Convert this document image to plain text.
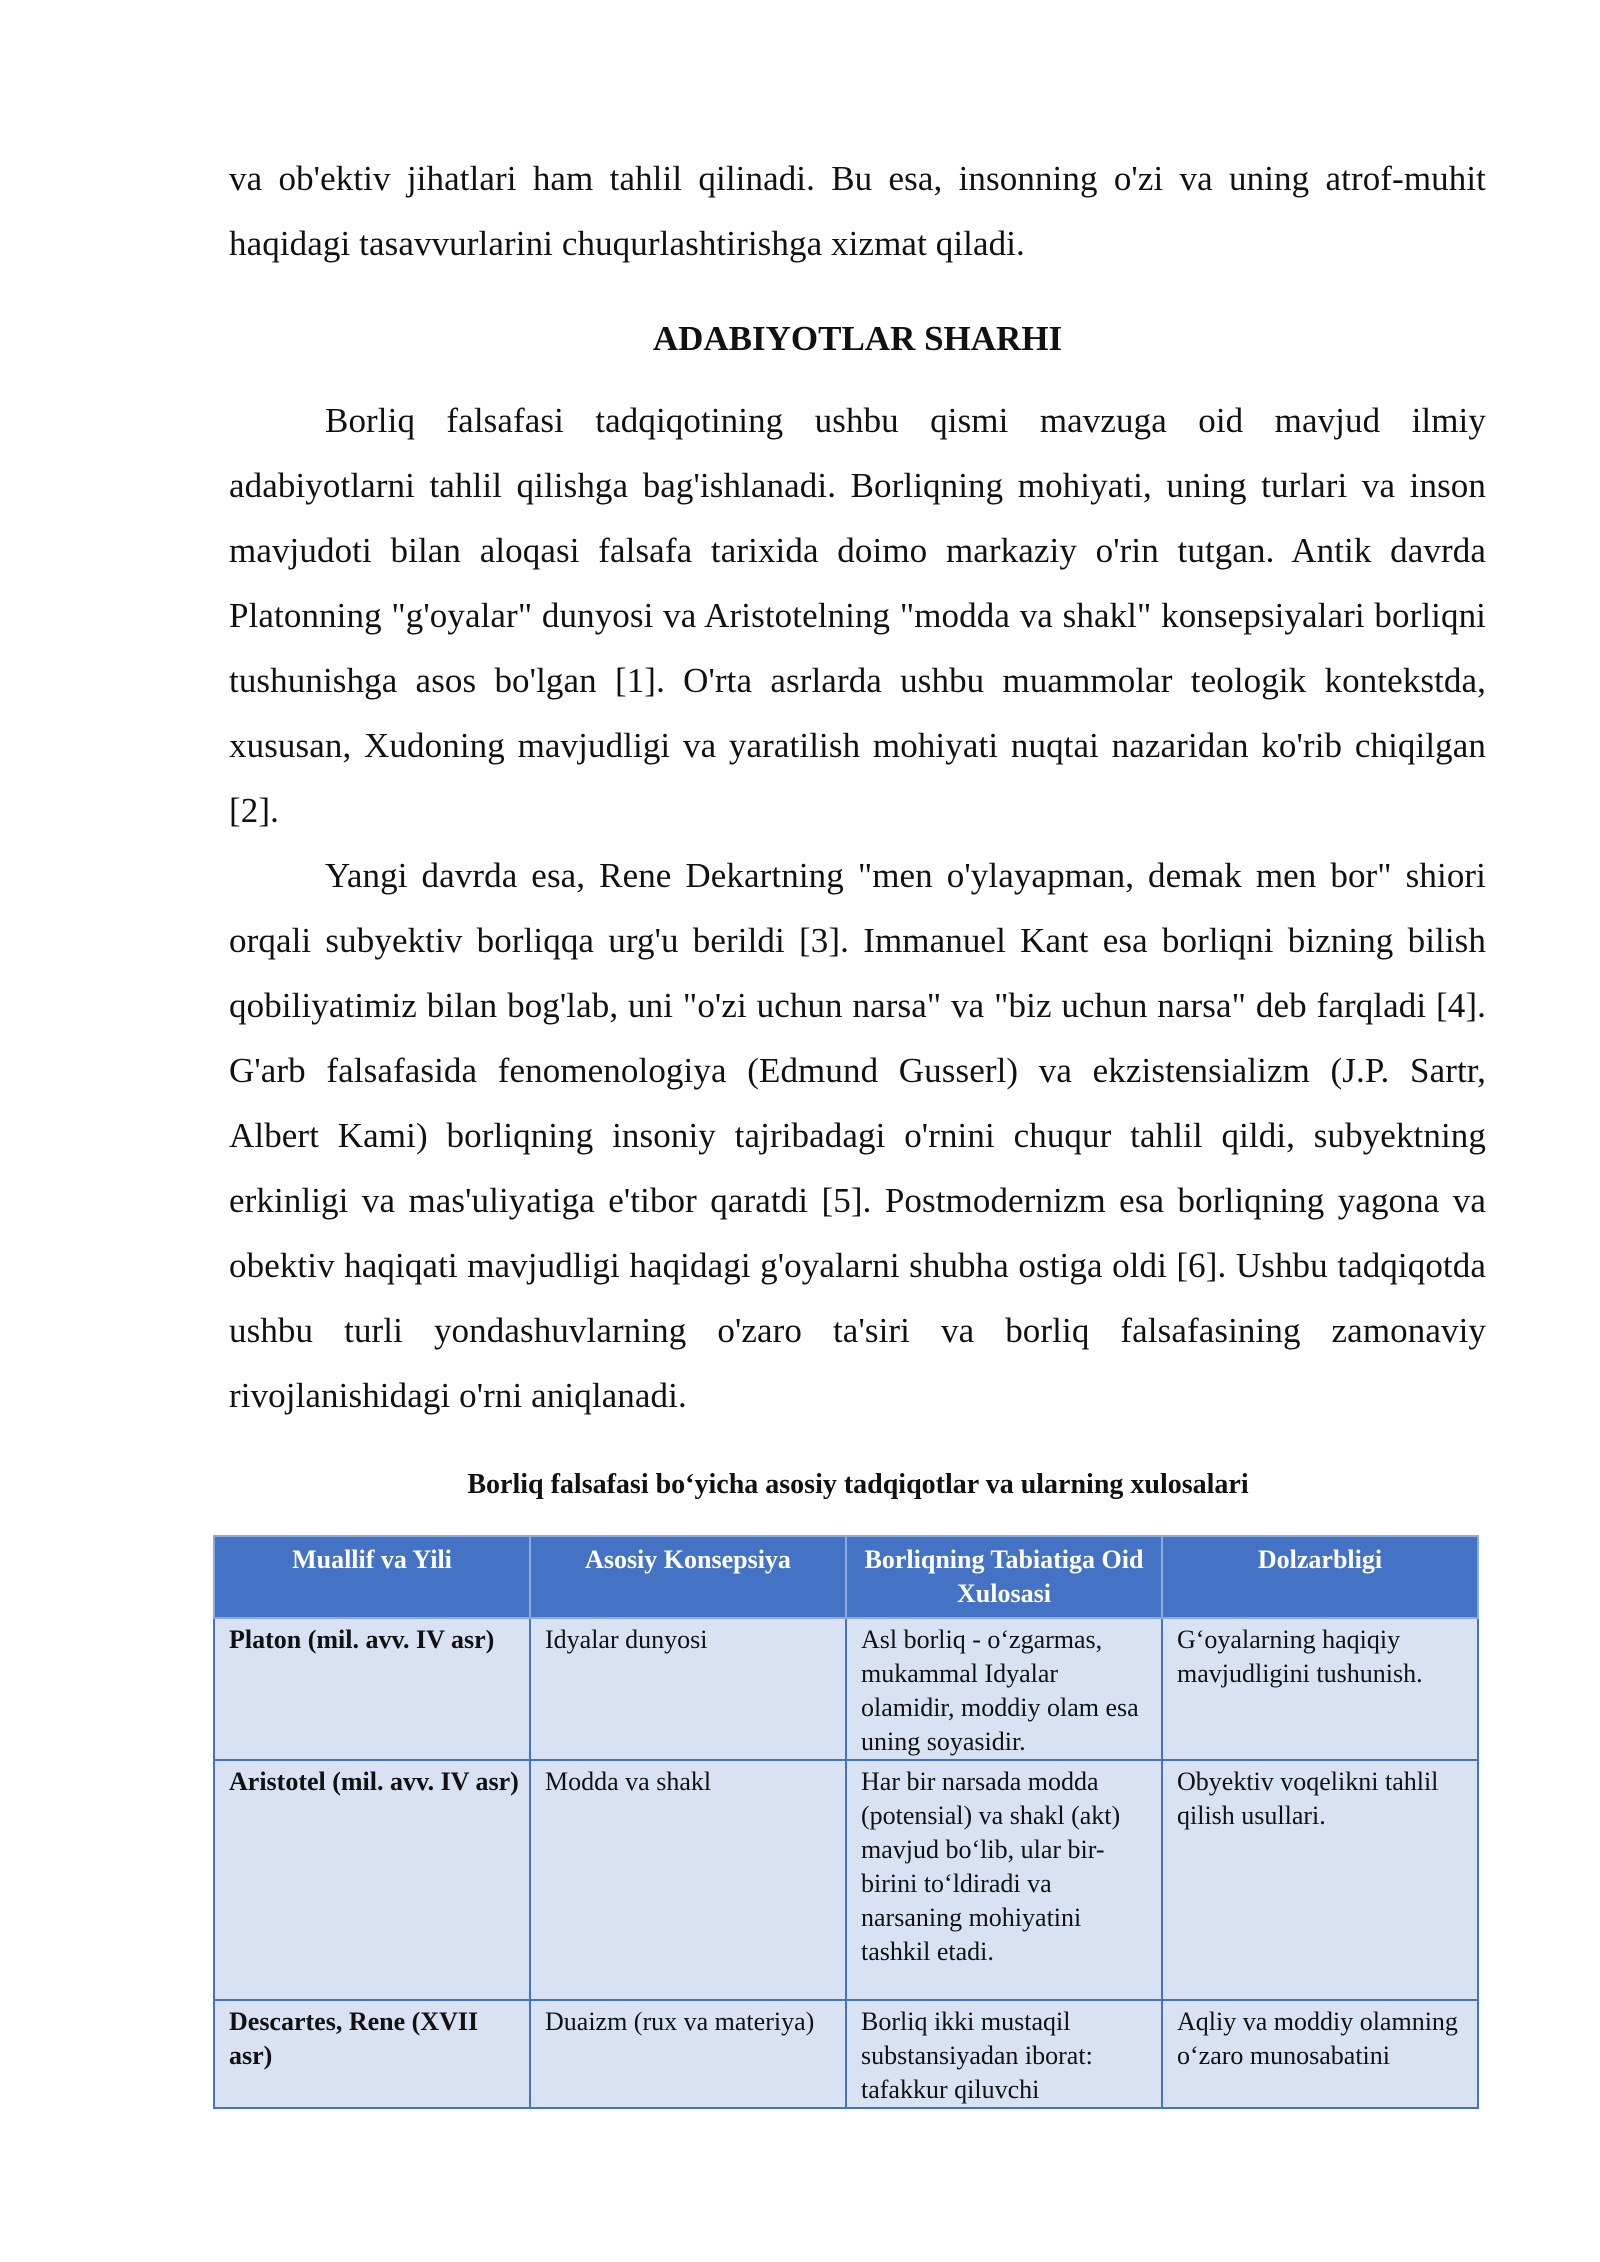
va ob'ektiv jihatlari ham tahlil qilinadi. Bu esa, insonning o'zi va uning atrof-muhit haqidagi tasavvurlarini chuqurlashtirishga xizmat qiladi.

ADABIYOTLAR SHARHI

Borliq falsafasi tadqiqotining ushbu qismi mavzuga oid mavjud ilmiy adabiyotlarni tahlil qilishga bag'ishlanadi. Borliqning mohiyati, uning turlari va inson mavjudoti bilan aloqasi falsafa tarixida doimo markaziy o'rin tutgan. Antik davrda Platonning "g'oyalar" dunyosi va Aristotelning "modda va shakl" konsepsiyalari borliqni tushunishga asos bo'lgan [1]. O'rta asrlarda ushbu muammolar teologik kontekstda, xususan, Xudoning mavjudligi va yaratilish mohiyati nuqtai nazaridan ko'rib chiqilgan [2].

Yangi davrda esa, Rene Dekartning "men o'ylayapman, demak men bor" shiori orqali subyektiv borliqqa urg'u berildi [3]. Immanuel Kant esa borliqni bizning bilish qobiliyatimiz bilan bog'lab, uni "o'zi uchun narsa" va "biz uchun narsa" deb farqladi [4]. G'arb falsafasida fenomenologiya (Edmund Gusserl) va ekzistensializm (J.P. Sartr, Albert Kami) borliqning insoniy tajribadagi o'rnini chuqur tahlil qildi, subyektning erkinligi va mas'uliyatiga e'tibor qaratdi [5]. Postmodernizm esa borliqning yagona va obektiv haqiqati mavjudligi haqidagi g'oyalarni shubha ostiga oldi [6]. Ushbu tadqiqotda ushbu turli yondashuvlarning o'zaro ta'siri va borliq falsafasining zamonaviy rivojlanishidagi o'rni aniqlanadi.

Borliq falsafasi bo‘yicha asosiy tadqiqotlar va ularning xulosalari
Muallif va Yili	Asosiy Konsepsiya	Borliqning Tabiatiga Oid Xulosasi	Dolzarbligi
Platon (mil. avv. IV asr)	Idyalar dunyosi	Asl borliq - o‘zgarmas, mukammal Idyalar olamidir, moddiy olam esa uning soyasidir.	G‘oyalarning haqiqiy mavjudligini tushunish.
Aristotel (mil. avv. IV asr)	Modda va shakl	Har bir narsada modda (potensial) va shakl (akt) mavjud bo‘lib, ular bir-birini to‘ldiradi va narsaning mohiyatini tashkil etadi.	Obyektiv voqelikni tahlil qilish usullari.
Descartes, Rene (XVII asr)	Duaizm (rux va materiya)	Borliq ikki mustaqil substansiyadan iborat: tafakkur qiluvchi	Aqliy va moddiy olamning o‘zaro munosabatini
